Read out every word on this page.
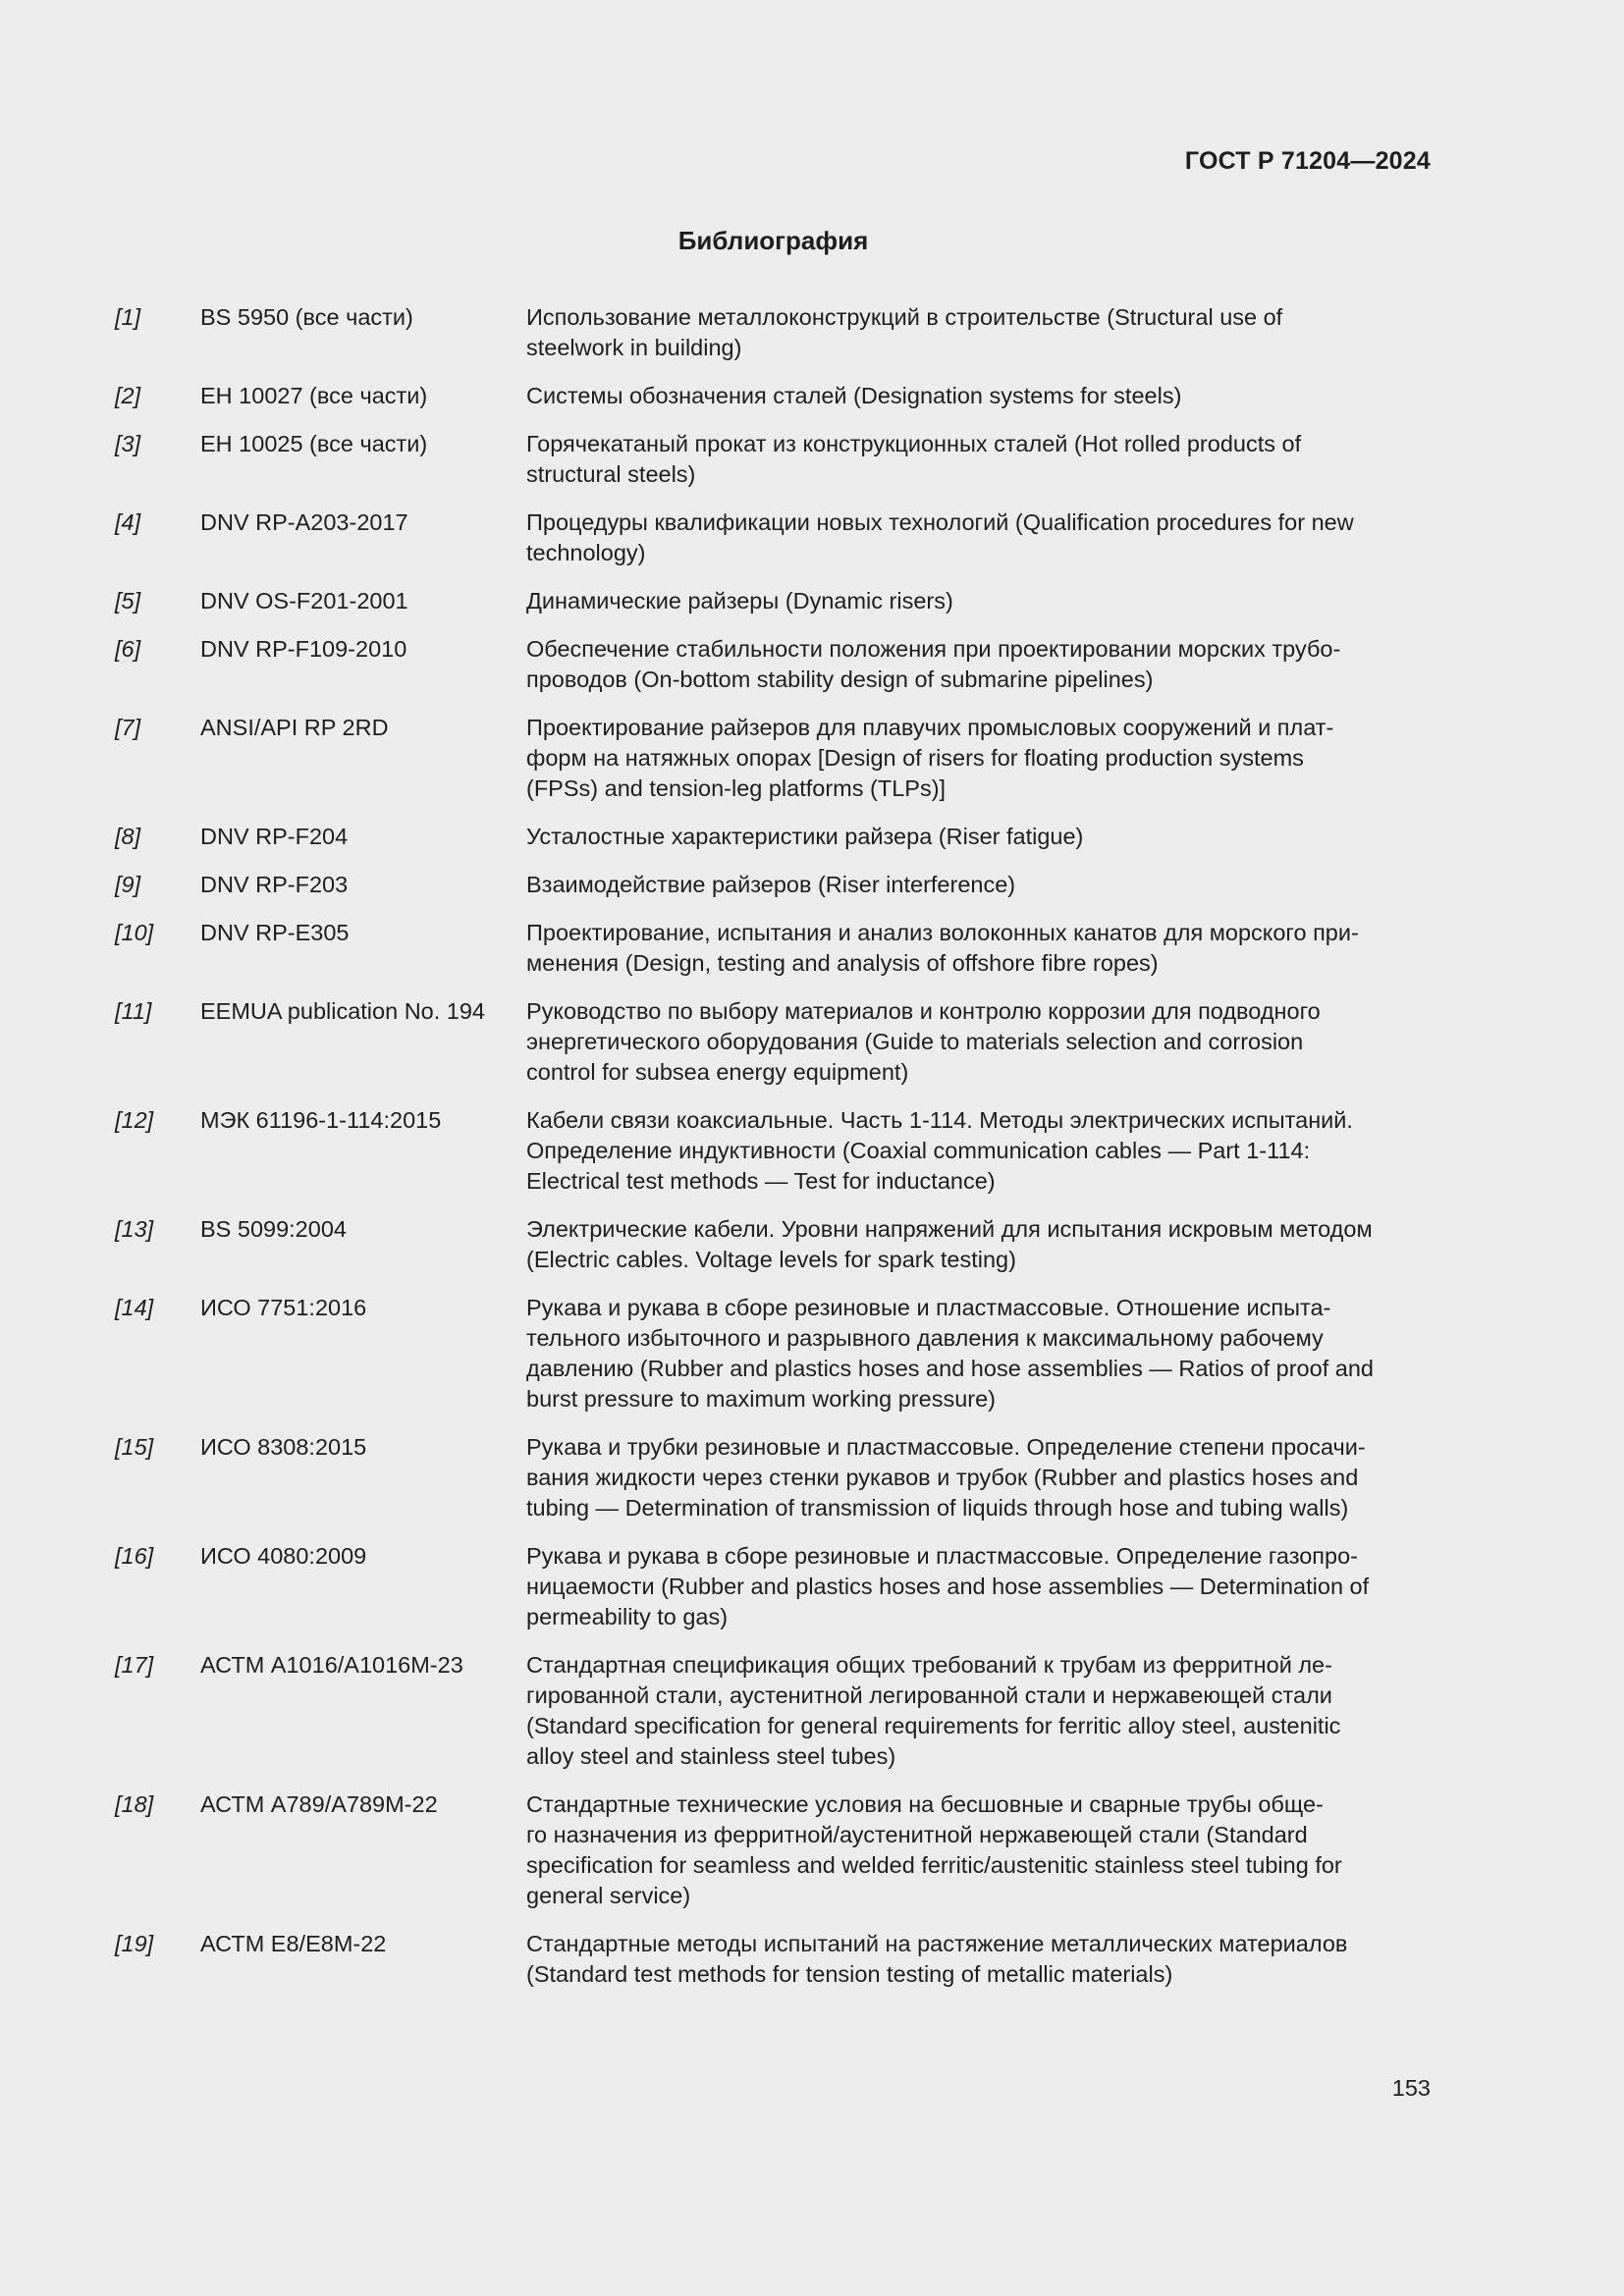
ГОСТ Р 71204—2024
Библиография
[1]	BS 5950 (все части)	Использование металлоконструкций в строительстве (Structural use of
steelwork in building)
[2]	ЕН 10027 (все части)	Системы обозначения сталей (Designation systems for steels)
[3]	ЕН 10025 (все части)	Горячекатаный прокат из конструкционных сталей (Hot rolled products of
structural steels)
[4]	DNV RP-A203-2017	Процедуры квалификации новых технологий (Qualification procedures for new
technology)
[5]	DNV OS-F201-2001	Динамические райзеры (Dynamic risers)
[6]	DNV RP-F109-2010	Обеспечение стабильности положения при проектировании морских трубо-
проводов (On-bottom stability design of submarine pipelines)
[7]	ANSI/API RP 2RD	Проектирование райзеров для плавучих промысловых сооружений и плат-
форм на натяжных опорах [Design of risers for floating production systems
(FPSs) and tension-leg platforms (TLPs)]
[8]	DNV RP-F204	Усталостные характеристики райзера (Riser fatigue)
[9]	DNV RP-F203	Взаимодействие райзеров (Riser interference)
[10]	DNV RP-E305	Проектирование, испытания и анализ волоконных канатов для морского при-
менения (Design, testing and analysis of offshore fibre ropes)
[11]	EEMUA publication No. 194	Руководство по выбору материалов и контролю коррозии для подводного
энергетического оборудования (Guide to materials selection and corrosion
control for subsea energy equipment)
[12]	МЭК 61196-1-114:2015	Кабели связи коаксиальные. Часть 1-114. Методы электрических испытаний.
Определение индуктивности (Coaxial communication cables — Part 1-114:
Electrical test methods — Test for inductance)
[13]	BS 5099:2004	Электрические кабели. Уровни напряжений для испытания искровым методом
(Electric cables. Voltage levels for spark testing)
[14]	ИСО 7751:2016	Рукава и рукава в сборе резиновые и пластмассовые. Отношение испыта-
тельного избыточного и разрывного давления к максимальному рабочему
давлению (Rubber and plastics hoses and hose assemblies — Ratios of proof and
burst pressure to maximum working pressure)
[15]	ИСО 8308:2015	Рукава и трубки резиновые и пластмассовые. Определение степени просачи-
вания жидкости через стенки рукавов и трубок (Rubber and plastics hoses and
tubing — Determination of transmission of liquids through hose and tubing walls)
[16]	ИСО 4080:2009	Рукава и рукава в сборе резиновые и пластмассовые. Определение газопро-
ницаемости (Rubber and plastics hoses and hose assemblies — Determination of
permeability to gas)
[17]	АСТМ А1016/А1016М-23	Стандартная спецификация общих требований к трубам из ферритной ле-
гированной стали, аустенитной легированной стали и нержавеющей стали
(Standard specification for general requirements for ferritic alloy steel, austenitic
alloy steel and stainless steel tubes)
[18]	АСТМ А789/А789М-22	Стандартные технические условия на бесшовные и сварные трубы обще-
го назначения из ферритной/аустенитной нержавеющей стали (Standard
specification for seamless and welded ferritic/austenitic stainless steel tubing for
general service)
[19]	АСТМ Е8/Е8М-22	Стандартные методы испытаний на растяжение металлических материалов
(Standard test methods for tension testing of metallic materials)
153
